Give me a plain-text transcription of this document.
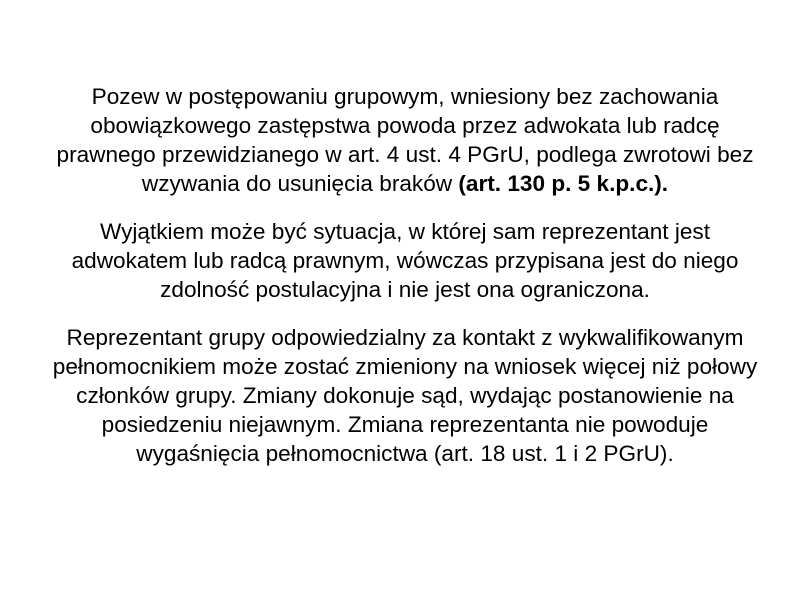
Pozew w postępowaniu grupowym, wniesiony bez zachowania obowiązkowego zastępstwa powoda przez adwokata lub radcę prawnego przewidzianego w art. 4 ust. 4 PGrU, podlega zwrotowi bez wzywania do usunięcia braków (art. 130 p. 5 k.p.c.).

Wyjątkiem może być sytuacja, w której sam reprezentant jest adwokatem lub radcą prawnym, wówczas przypisana jest do niego zdolność postulacyjna i nie jest ona ograniczona.

Reprezentant grupy odpowiedzialny za kontakt z wykwalifikowanym pełnomocnikiem może zostać zmieniony na wniosek więcej niż połowy członków grupy. Zmiany dokonuje sąd, wydając postanowienie na posiedzeniu niejawnym. Zmiana reprezentanta nie powoduje wygaśnięcia pełnomocnictwa (art. 18 ust. 1 i 2 PGrU).
